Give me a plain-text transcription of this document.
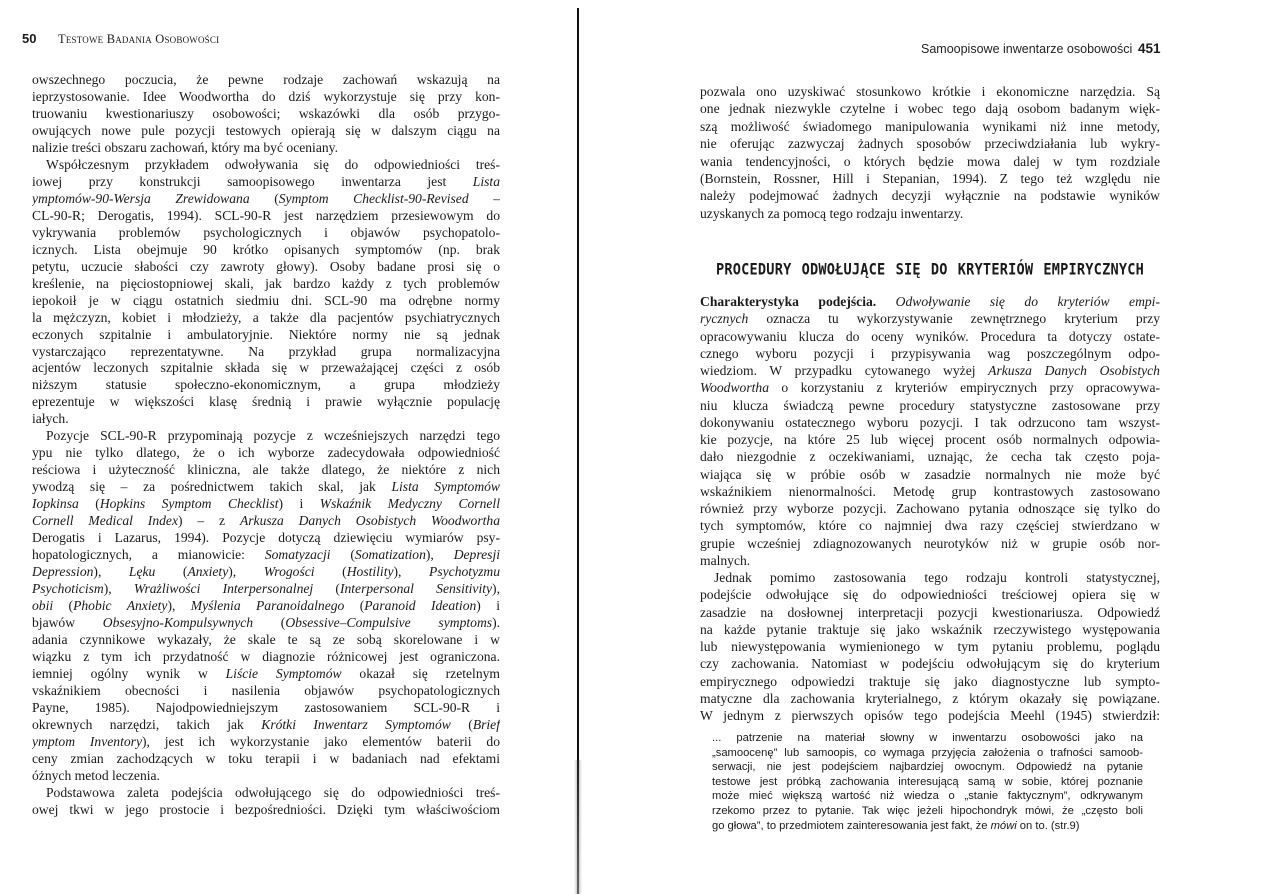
50 Testowe Badania Osobowości
owszechnego poczucia, że pewne rodzaje zachowań wskazują na
ieprzystosowanie. Idee Woodwortha do dziś wykorzystuje się przy kon-
truowaniu kwestionariuszy osobowości; wskazówki dla osób przygo-
owujących nowe pule pozycji testowych opierają się w dalszym ciągu na
nalizie treści obszaru zachowań, który ma być oceniany.
Współczesnym przykładem odwoływania się do odpowiedniości treś-
iowej przy konstrukcji samoopisowego inwentarza jest Lista
ymptomów-90-Wersja Zrewidowana (Symptom Checklist-90-Revised –
CL-90-R; Derogatis, 1994). SCL-90-R jest narzędziem przesiewowym do
vykrywania problemów psychologicznych i objawów psychopatolo-
icznych. Lista obejmuje 90 krótko opisanych symptomów (np. brak
petytu, uczucie słabości czy zawroty głowy). Osoby badane prosi się o
kreślenie, na pięciostopniowej skali, jak bardzo każdy z tych problemów
iepokoił je w ciągu ostatnich siedmiu dni. SCL-90 ma odrębne normy
la mężczyzn, kobiet i młodzieży, a także dla pacjentów psychiatrycznych
eczonych szpitalnie i ambulatoryjnie. Niektóre normy nie są jednak
vystarczająco reprezentatywne. Na przykład grupa normalizacyjna
acjentów leczonych szpitalnie składa się w przeważającej części z osób
niższym statusie społeczno-ekonomicznym, a grupa młodzieży
eprezentuje w większości klasę średnią i prawie wyłącznie populację
iałych.
Pozycje SCL-90-R przypominają pozycje z wcześniejszych narzędzi tego
ypu nie tylko dlatego, że o ich wyborze zadecydowała odpowiedniość
reściowa i użyteczność kliniczna, ale także dlatego, że niektóre z nich
ywodzą się – za pośrednictwem takich skal, jak Lista Symptomów
Iopkinsa (Hopkins Symptom Checklist) i Wskaźnik Medyczny Cornell
Cornell Medical Index) – z Arkusza Danych Osobistych Woodwortha
Derogatis i Lazarus, 1994). Pozycje dotyczą dziewięciu wymiarów psy-
hopatologicznych, a mianowicie: Somatyzacji (Somatization), Depresji
Depression), Lęku (Anxiety), Wrogości (Hostility), Psychotyzmu
Psychoticism), Wrażliwości Interpersonalnej (Interpersonal Sensitivity),
obii (Phobic Anxiety), Myślenia Paranoidalnego (Paranoid Ideation) i
bjawów Obsesyjno-Kompulsywnych (Obsessive–Compulsive symptoms).
adania czynnikowe wykazały, że skale te są ze sobą skorelowane i w
wiązku z tym ich przydatność w diagnozie różnicowej jest ograniczona.
iemniej ogólny wynik w Liście Symptomów okazał się rzetelnym
vskaźnikiem obecności i nasilenia objawów psychopatologicznych
Payne, 1985). Najodpowiedniejszym zastosowaniem SCL-90-R i
okrewnych narzędzi, takich jak Krótki Inwentarz Symptomów (Brief
ymptom Inventory), jest ich wykorzystanie jako elementów baterii do
ceny zmian zachodzących w toku terapii i w badaniach nad efektami
óżnych metod leczenia.
Podstawowa zaleta podejścia odwołującego się do odpowiedniości treś-
owej tkwi w jego prostocie i bezpośredniości. Dzięki tym właściwościom
Samoopisowe inwentarze osobowości 451
pozwala ono uzyskiwać stosunkowo krótkie i ekonomiczne narzędzia. Są
one jednak niezwykle czytelne i wobec tego dają osobom badanym więk-
szą możliwość świadomego manipulowania wynikami niż inne metody,
nie oferując zazwyczaj żadnych sposobów przeciwdziałania lub wykry-
wania tendencyjności, o których będzie mowa dalej w tym rozdziale
(Bornstein, Rossner, Hill i Stepanian, 1994). Z tego też względu nie
należy podejmować żadnych decyzji wyłącznie na podstawie wyników
uzyskanych za pomocą tego rodzaju inwentarzy.
PROCEDURY ODWOŁUJĄCE SIĘ DO KRYTERIÓW EMPIRYCZNYCH
Charakterystyka podejścia. Odwoływanie się do kryteriów empi-
rycznych oznacza tu wykorzystywanie zewnętrznego kryterium przy
opracowywaniu klucza do oceny wyników. Procedura ta dotyczy ostate-
cznego wyboru pozycji i przypisywania wag poszczególnym odpo-
wiedziom. W przypadku cytowanego wyżej Arkusza Danych Osobistych
Woodwortha o korzystaniu z kryteriów empirycznych przy opracowywa-
niu klucza świadczą pewne procedury statystyczne zastosowane przy
dokonywaniu ostatecznego wyboru pozycji. I tak odrzucono tam wszyst-
kie pozycje, na które 25 lub więcej procent osób normalnych odpowia-
dało niezgodnie z oczekiwaniami, uznając, że cecha tak często poja-
wiająca się w próbie osób w zasadzie normalnych nie może być
wskaźnikiem nienormalności. Metodę grup kontrastowych zastosowano
również przy wyborze pozycji. Zachowano pytania odnoszące się tylko do
tych symptomów, które co najmniej dwa razy częściej stwierdzano w
grupie wcześniej zdiagnozowanych neurotyków niż w grupie osób nor-
malnych.
Jednak pomimo zastosowania tego rodzaju kontroli statystycznej,
podejście odwołujące się do odpowiedniości treściowej opiera się w
zasadzie na dosłownej interpretacji pozycji kwestionariusza. Odpowiedź
na każde pytanie traktuje się jako wskaźnik rzeczywistego występowania
lub niewystępowania wymienionego w tym pytaniu problemu, poglądu
czy zachowania. Natomiast w podejściu odwołującym się do kryterium
empirycznego odpowiedzi traktuje się jako diagnostyczne lub sympto-
matyczne dla zachowania kryterialnego, z którym okazały się powiązane.
W jednym z pierwszych opisów tego podejścia Meehl (1945) stwierdził:
... patrzenie na materiał słowny w inwentarzu osobowości jako na
„samoocenę” lub samoopis, co wymaga przyjęcia założenia o trafności samoob-
serwacji, nie jest podejściem najbardziej owocnym. Odpowiedź na pytanie
testowe jest próbką zachowania interesującą samą w sobie, której poznanie
może mieć większą wartość niż wiedza o „stanie faktycznym”, odkrywanym
rzekomo przez to pytanie. Tak więc jeżeli hipochondryk mówi, że „często boli
go głowa”, to przedmiotem zainteresowania jest fakt, że mówi on to. (str.9)
